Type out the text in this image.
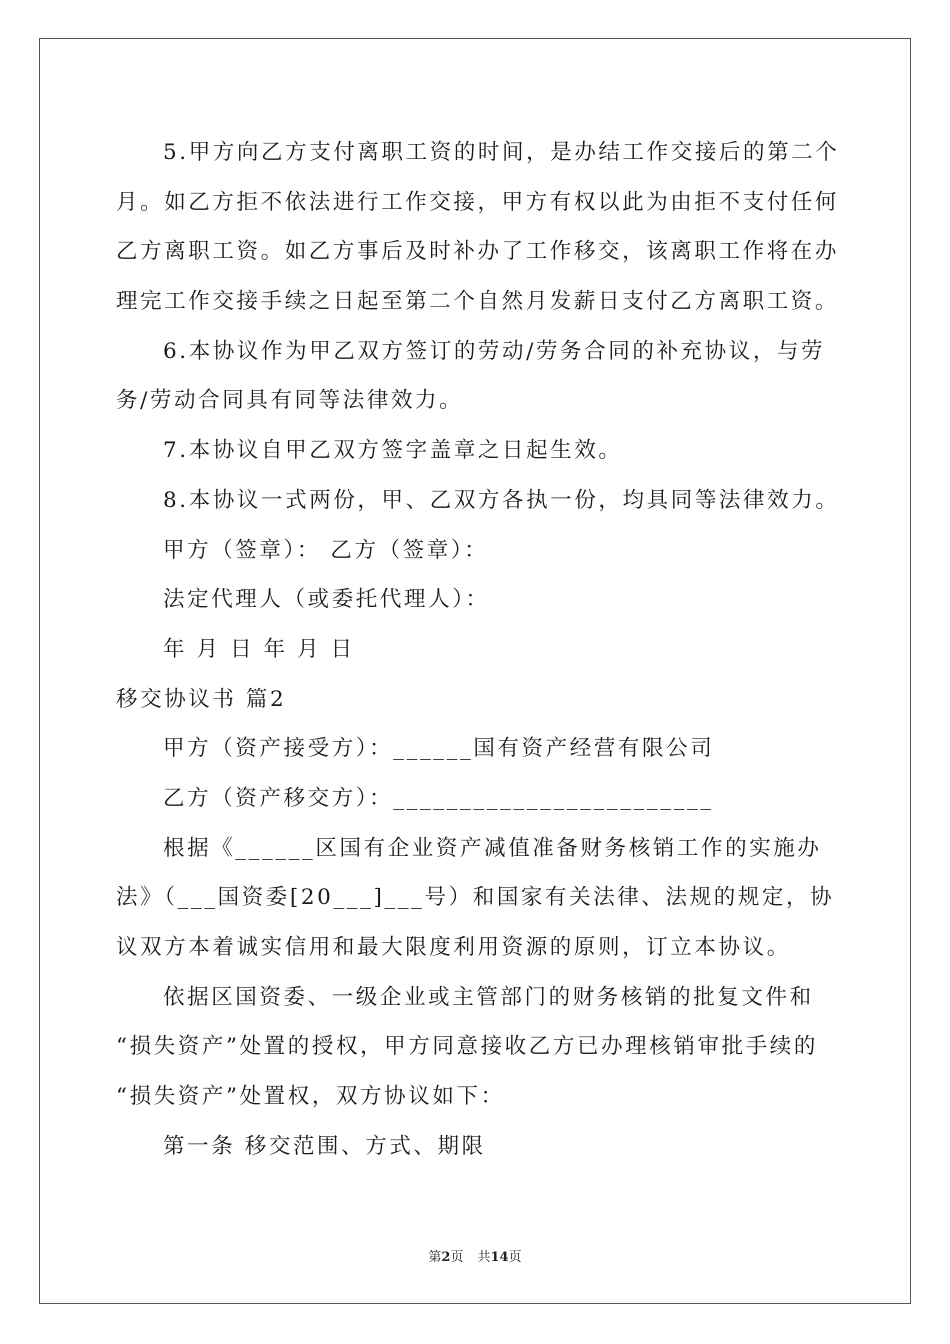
5.甲方向乙方支付离职工资的时间，是办结工作交接后的第二个
月。如乙方拒不依法进行工作交接，甲方有权以此为由拒不支付任何
乙方离职工资。如乙方事后及时补办了工作移交，该离职工作将在办
理完工作交接手续之日起至第二个自然月发薪日支付乙方离职工资。
6.本协议作为甲乙双方签订的劳动/劳务合同的补充协议，与劳
务/劳动合同具有同等法律效力。
7.本协议自甲乙双方签字盖章之日起生效。
8.本协议一式两份，甲、乙双方各执一份，均具同等法律效力。
甲方（签章）： 乙方（签章）：
法定代理人（或委托代理人）：
年 月 日 年 月 日
移交协议书 篇2
甲方（资产接受方）：______国有资产经营有限公司
乙方（资产移交方）：________________________
根据《______区国有企业资产减值准备财务核销工作的实施办
法》（___国资委[20___]___号）和国家有关法律、法规的规定，协
议双方本着诚实信用和最大限度利用资源的原则，订立本协议。
依据区国资委、一级企业或主管部门的财务核销的批复文件和
“损失资产”处置的授权，甲方同意接收乙方已办理核销审批手续的
“损失资产”处置权，双方协议如下：
第一条 移交范围、方式、期限
第2页 共14页
